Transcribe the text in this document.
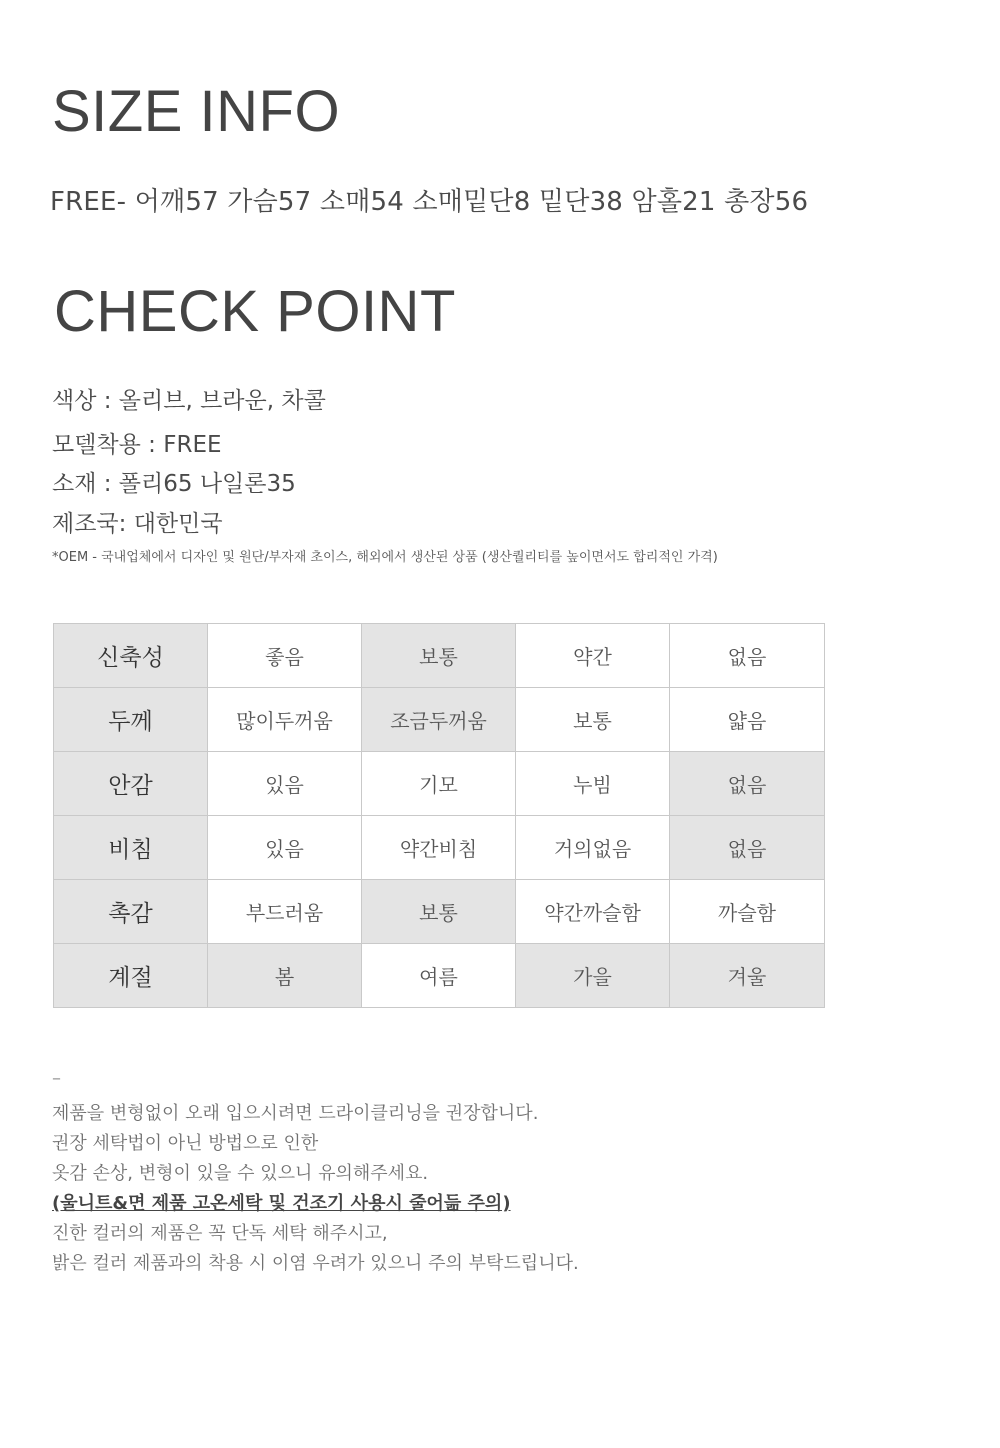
SIZE INFO
FREE- 어깨57 가슴57 소매54 소매밑단8 밑단38 암홀21 총장56
CHECK POINT
색상 : 올리브, 브라운, 차콜
모델착용 : FREE
소재 : 폴리65 나일론35
제조국: 대한민국
*OEM - 국내업체에서 디자인 및 원단/부자재 초이스, 해외에서 생산된 상품 (생산퀄리티를 높이면서도 합리적인 가격)
신축성	좋음	보통	약간	없음
두께	많이두꺼움	조금두꺼움	보통	얇음
안감	있음	기모	누빔	없음
비침	있음	약간비침	거의없음	없음
촉감	부드러움	보통	약간까슬함	까슬함
계절	봄	여름	가을	겨울
–
제품을 변형없이 오래 입으시려면 드라이클리닝을 권장합니다.
권장 세탁법이 아닌 방법으로 인한
옷감 손상, 변형이 있을 수 있으니 유의해주세요.
(울니트&면 제품 고온세탁 및 건조기 사용시 줄어듦 주의)
진한 컬러의 제품은 꼭 단독 세탁 해주시고,
밝은 컬러 제품과의 착용 시 이염 우려가 있으니 주의 부탁드립니다.
